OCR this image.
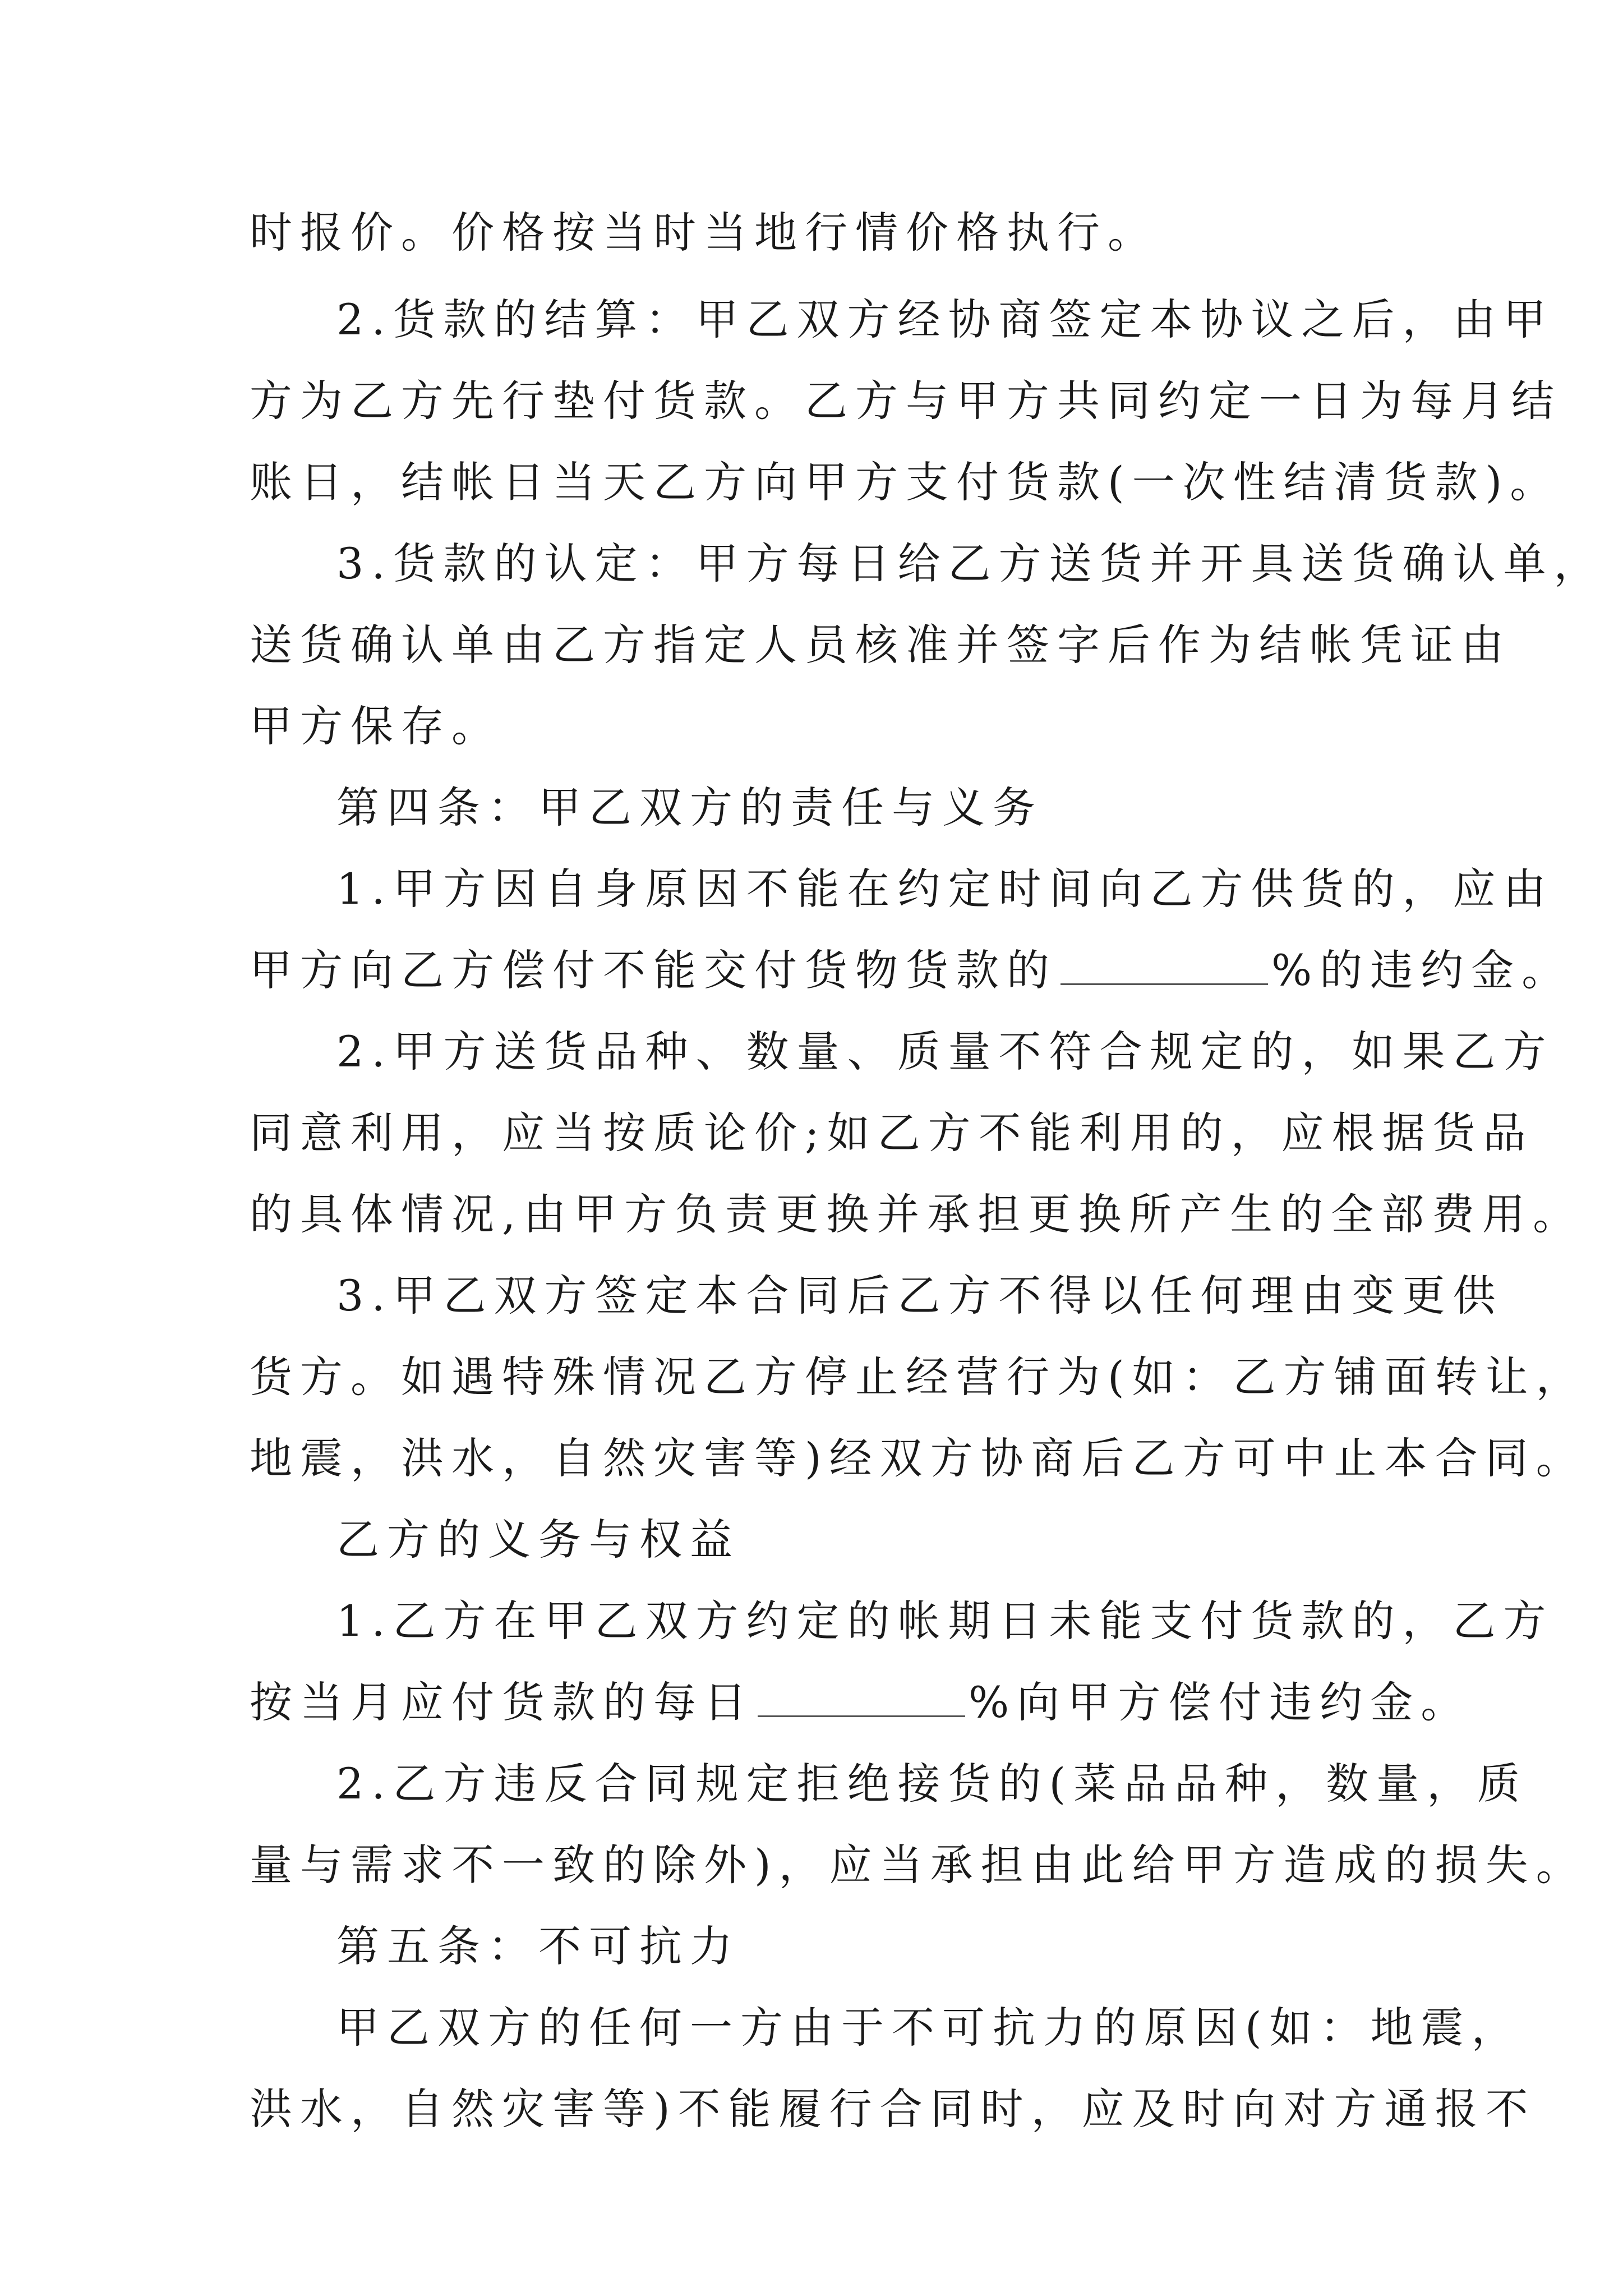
时报价。价格按当时当地行情价格执行。
2.货款的结算：甲乙双方经协商签定本协议之后，由甲
方为乙方先行垫付货款。乙方与甲方共同约定一日为每月结
账日，结帐日当天乙方向甲方支付货款(一次性结清货款)。
3.货款的认定：甲方每日给乙方送货并开具送货确认单，
送货确认单由乙方指定人员核准并签字后作为结帐凭证由
甲方保存。
第四条：甲乙双方的责任与义务
1.甲方因自身原因不能在约定时间向乙方供货的，应由
甲方向乙方偿付不能交付货物货款的	%的违约金。
2.甲方送货品种、数量、质量不符合规定的，如果乙方
同意利用，应当按质论价;如乙方不能利用的，应根据货品
的具体情况,由甲方负责更换并承担更换所产生的全部费用。
3.甲乙双方签定本合同后乙方不得以任何理由变更供
货方。如遇特殊情况乙方停止经营行为(如：乙方铺面转让，
地震，洪水，自然灾害等)经双方协商后乙方可中止本合同。
乙方的义务与权益
1.乙方在甲乙双方约定的帐期日未能支付货款的，乙方
按当月应付货款的每日	%向甲方偿付违约金。
2.乙方违反合同规定拒绝接货的(菜品品种，数量，质
量与需求不一致的除外)，应当承担由此给甲方造成的损失。
第五条：不可抗力
甲乙双方的任何一方由于不可抗力的原因(如：地震，
洪水，自然灾害等)不能履行合同时，应及时向对方通报不
